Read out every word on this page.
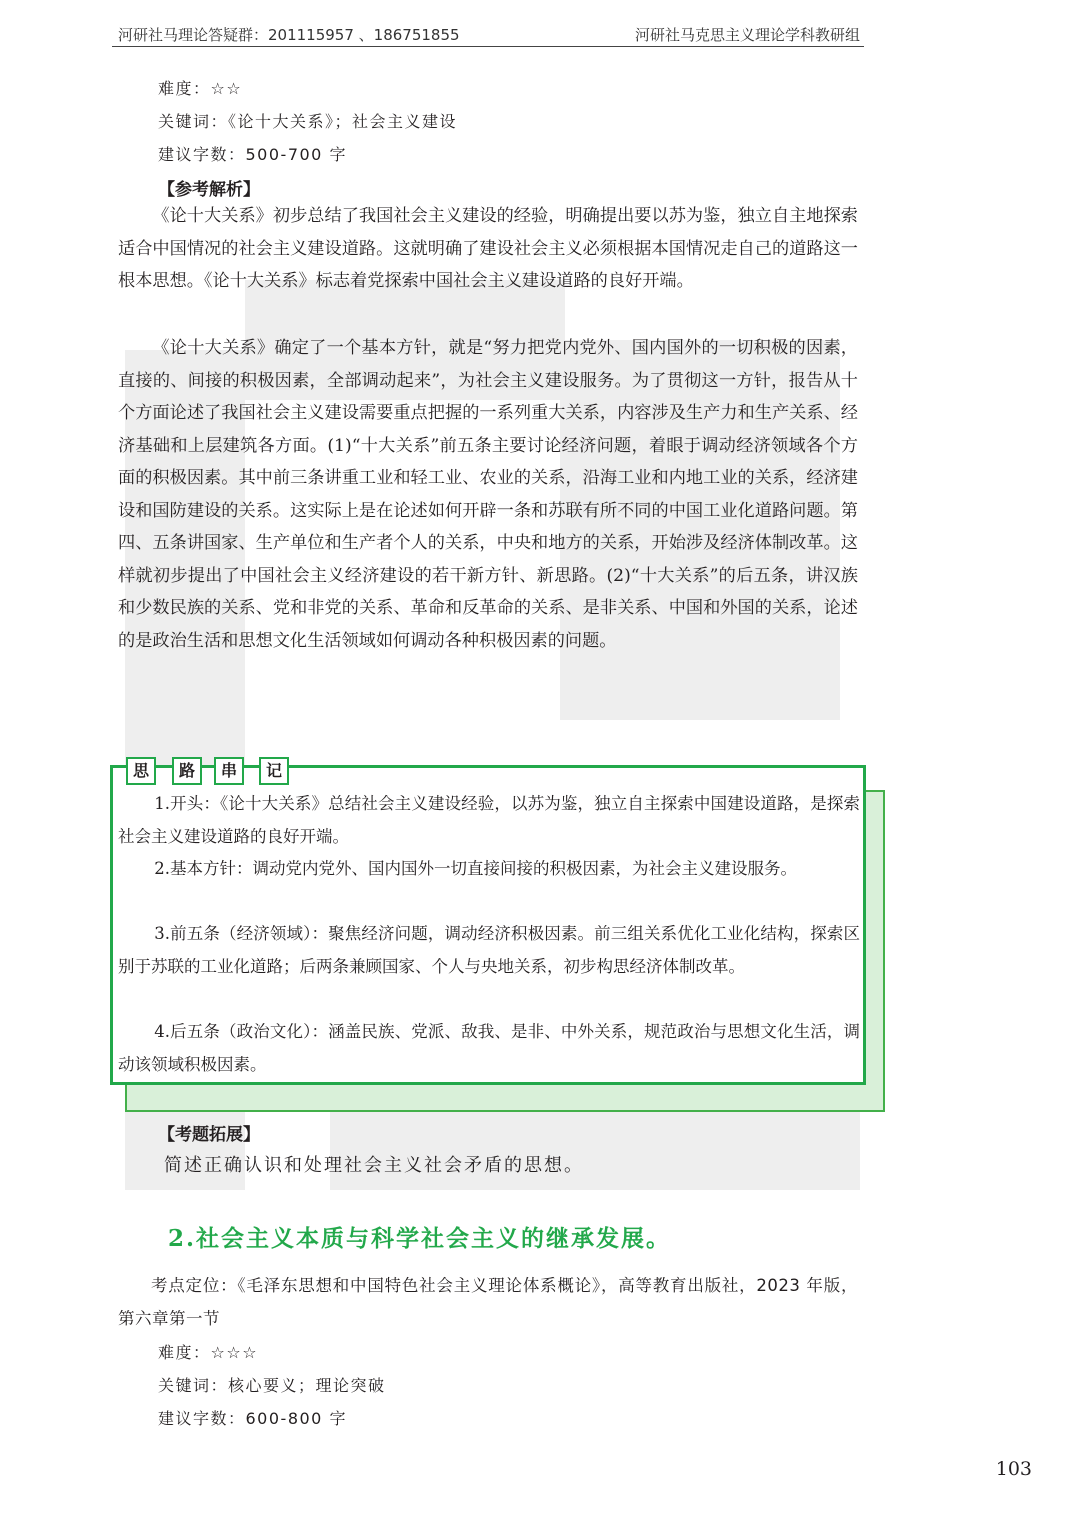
河研社马理论答疑群：201115957 、186751855	河研社马克思主义理论学科教研组
难度：☆☆
关键词：《论十大关系》；社会主义建设
建议字数：500-700 字
【参考解析】

《论十大关系》初步总结了我国社会主义建设的经验，明确提出要以苏为鉴，独立自主地探索适合中国情况的社会主义建设道路。这就明确了建设社会主义必须根据本国情况走自己的道路这一根本思想。《论十大关系》标志着党探索中国社会主义建设道路的良好开端。

《论十大关系》确定了一个基本方针，就是“努力把党内党外、国内国外的一切积极的因素，直接的、间接的积极因素，全部调动起来”，为社会主义建设服务。为了贯彻这一方针，报告从十个方面论述了我国社会主义建设需要重点把握的一系列重大关系，内容涉及生产力和生产关系、经济基础和上层建筑各方面。(1)“十大关系”前五条主要讨论经济问题，着眼于调动经济领域各个方面的积极因素。其中前三条讲重工业和轻工业、农业的关系，沿海工业和内地工业的关系，经济建设和国防建设的关系。这实际上是在论述如何开辟一条和苏联有所不同的中国工业化道路问题。第四、五条讲国家、生产单位和生产者个人的关系，中央和地方的关系，开始涉及经济体制改革。这样就初步提出了中国社会主义经济建设的若干新方针、新思路。(2)“十大关系”的后五条，讲汉族和少数民族的关系、党和非党的关系、革命和反革命的关系、是非关系、中国和外国的关系，论述的是政治生活和思想文化生活领域如何调动各种积极因素的问题。

思	路	串	记

1.开头：《论十大关系》总结社会主义建设经验，以苏为鉴，独立自主探索中国建设道路，是探索社会主义建设道路的良好开端。

2.基本方针：调动党内党外、国内国外一切直接间接的积极因素，为社会主义建设服务。

3.前五条（经济领域）：聚焦经济问题，调动经济积极因素。前三组关系优化工业化结构，探索区别于苏联的工业化道路；后两条兼顾国家、个人与央地关系，初步构思经济体制改革。

4.后五条（政治文化）：涵盖民族、党派、敌我、是非、中外关系，规范政治与思想文化生活，调动该领域积极因素。

【考题拓展】
简述正确认识和处理社会主义社会矛盾的思想。
2.社会主义本质与科学社会主义的继承发展。

考点定位：《毛泽东思想和中国特色社会主义理论体系概论》，高等教育出版社，2023 年版，第六章第一节

难度：☆☆☆
关键词：核心要义；理论突破
建议字数：600-800 字
103
